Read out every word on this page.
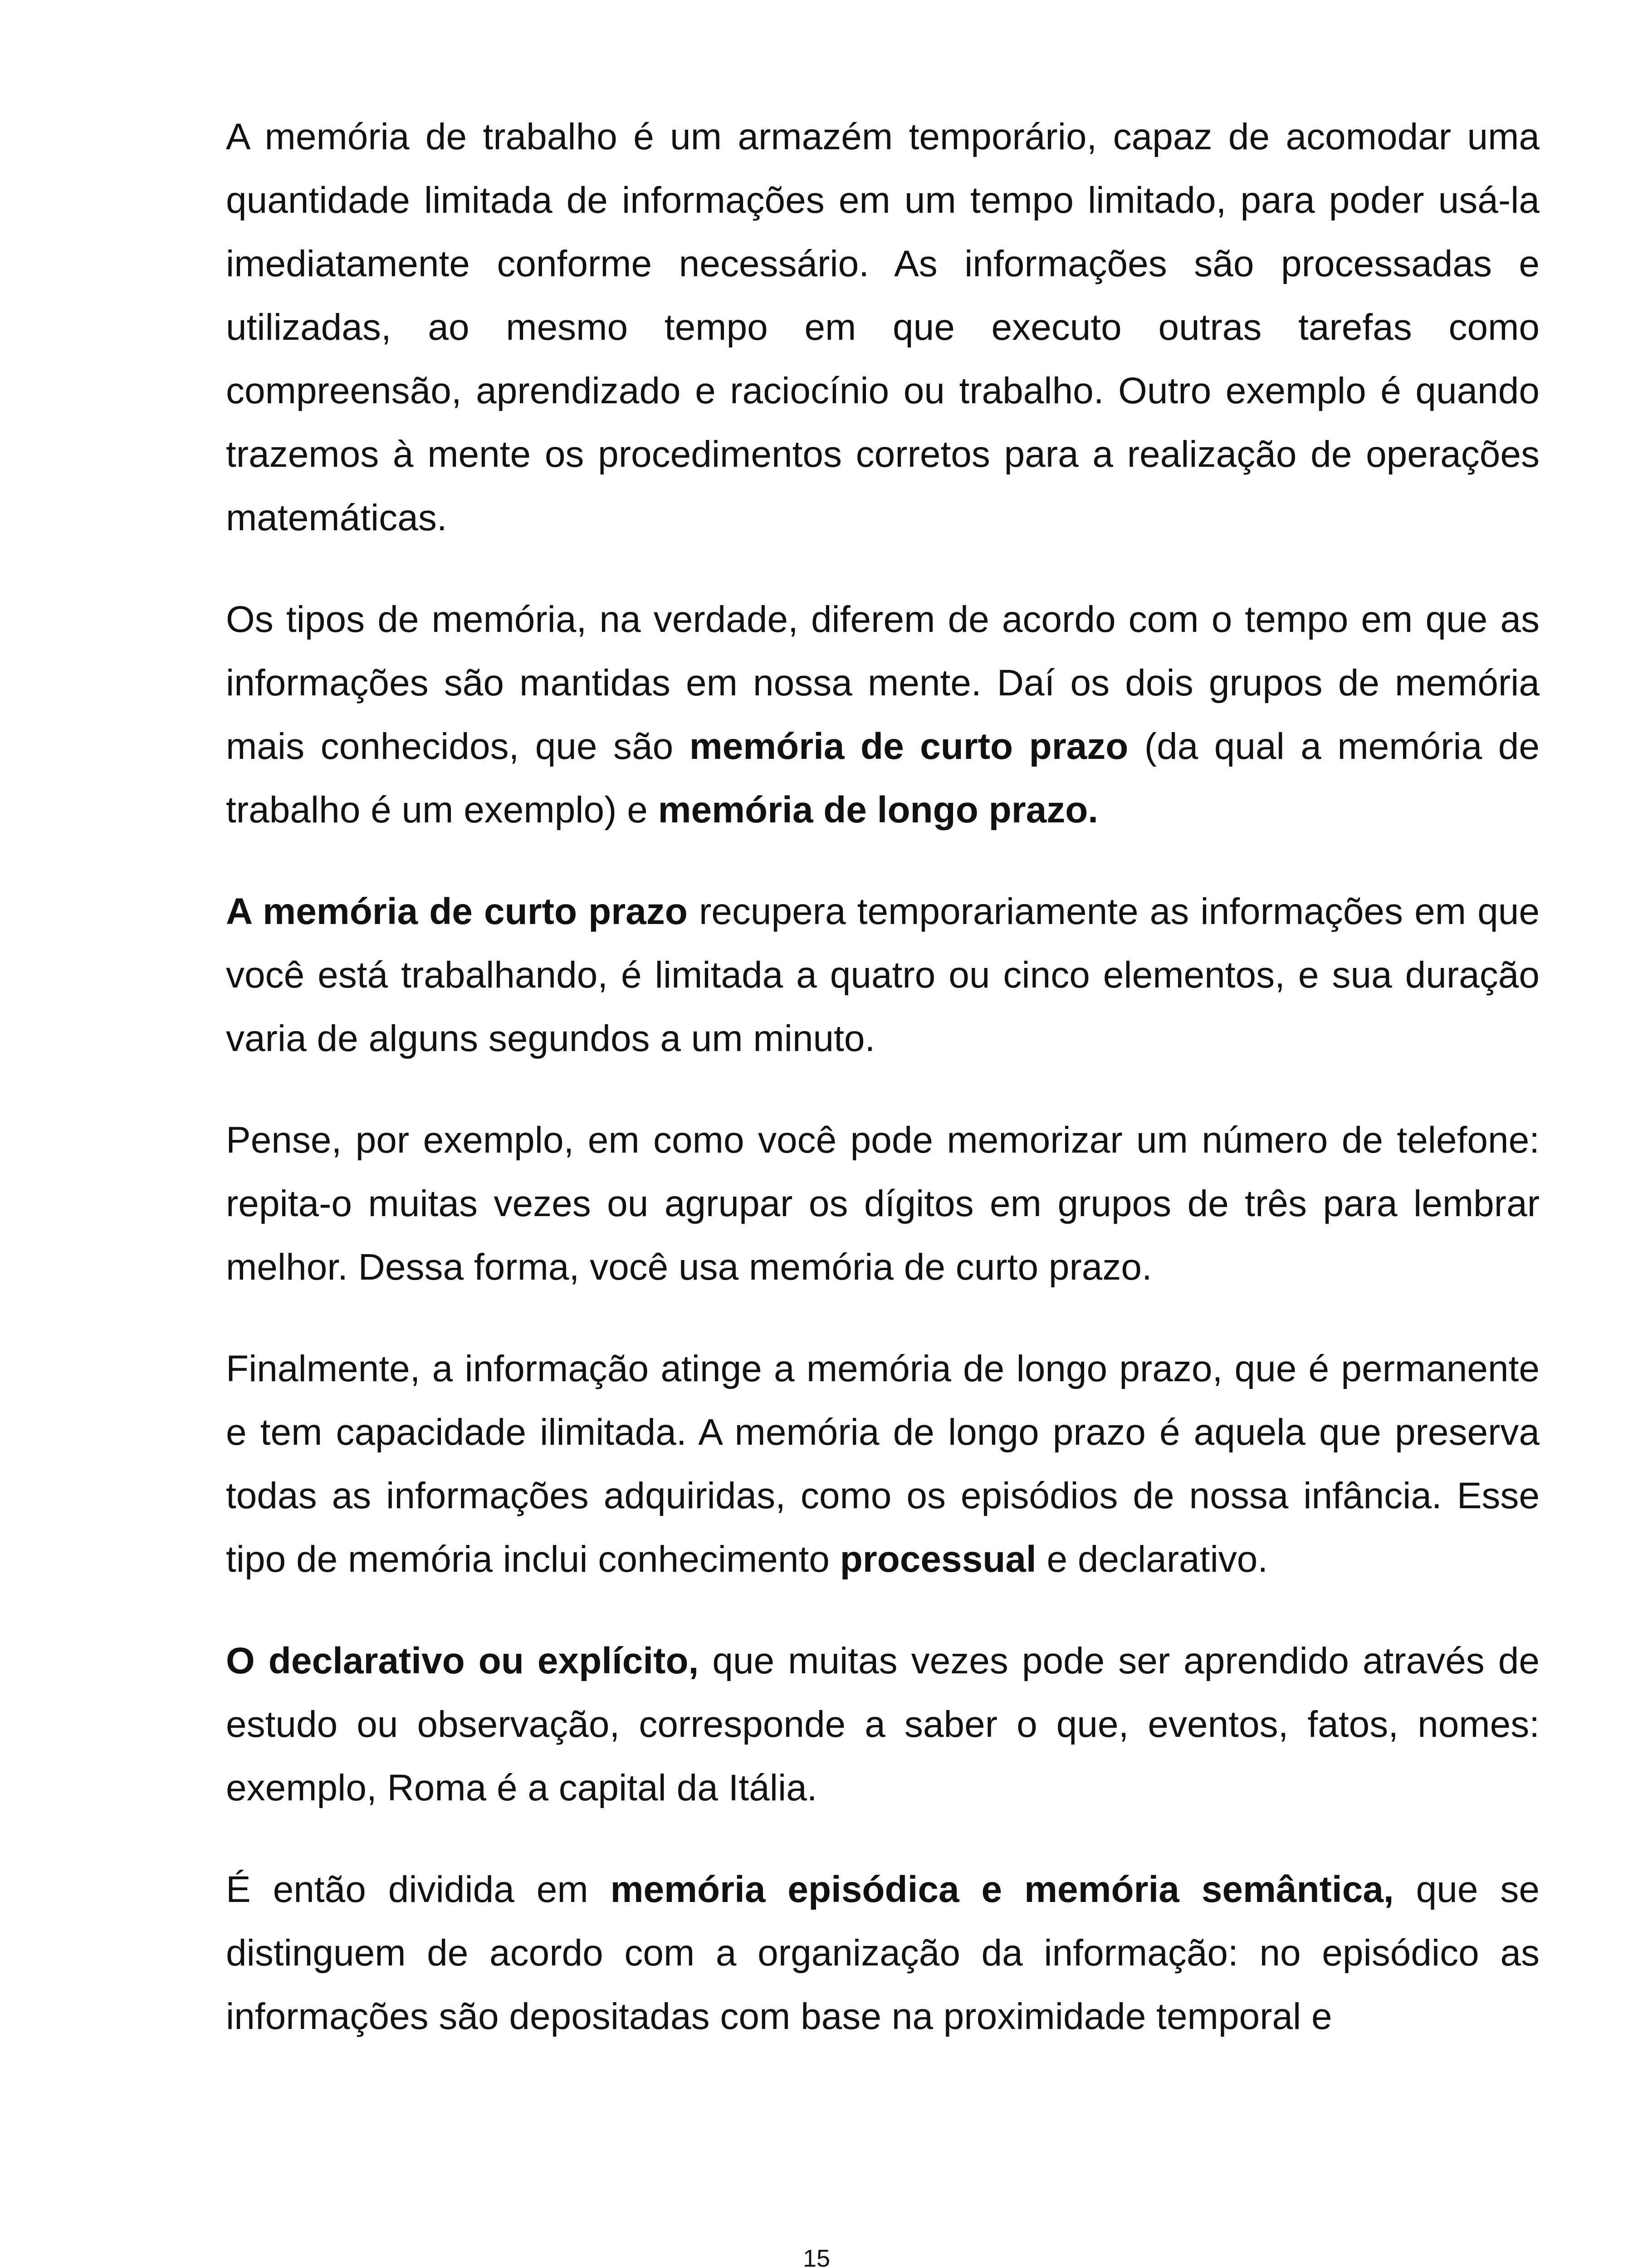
A memória de trabalho é um armazém temporário, capaz de acomodar uma quantidade limitada de informações em um tempo limitado, para poder usá-la imediatamente conforme necessário. As informações são processadas e utilizadas, ao mesmo tempo em que executo outras tarefas como compreensão, aprendizado e raciocínio ou trabalho. Outro exemplo é quando trazemos à mente os procedimentos corretos para a realização de operações matemáticas.

Os tipos de memória, na verdade, diferem de acordo com o tempo em que as informações são mantidas em nossa mente. Daí os dois grupos de memória mais conhecidos, que são memória de curto prazo (da qual a memória de trabalho é um exemplo) e memória de longo prazo.

A memória de curto prazo recupera temporariamente as informações em que você está trabalhando, é limitada a quatro ou cinco elementos, e sua duração varia de alguns segundos a um minuto.

Pense, por exemplo, em como você pode memorizar um número de telefone: repita-o muitas vezes ou agrupar os dígitos em grupos de três para lembrar melhor. Dessa forma, você usa memória de curto prazo.

Finalmente, a informação atinge a memória de longo prazo, que é permanente e tem capacidade ilimitada. A memória de longo prazo é aquela que preserva todas as informações adquiridas, como os episódios de nossa infância. Esse tipo de memória inclui conhecimento processual e declarativo.

O declarativo ou explícito, que muitas vezes pode ser aprendido através de estudo ou observação, corresponde a saber o que, eventos, fatos, nomes: exemplo, Roma é a capital da Itália.

É então dividida em memória episódica e memória semântica, que se distinguem de acordo com a organização da informação: no episódico as informações são depositadas com base na proximidade temporal e

15
